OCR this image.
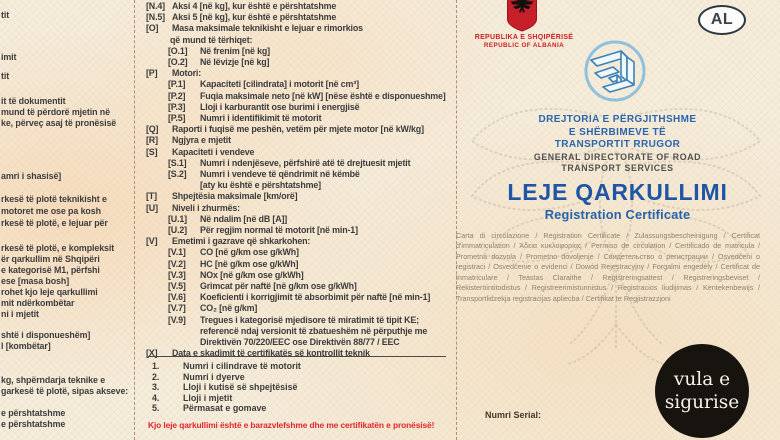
tit
imit
tit
it të dokumentit
mund të përdorë mjetin në
ke, përveç asaj të pronësisë
amri i shasisë]
rkesë të plotë teknikisht e
motoret me ose pa kosh
rkesë të plotë, e lejuar për
rkesë të plotë, e kompleksit
ër qarkullim në Shqipëri
e kategorisë M1, përfshi
ese [masa bosh]
rohet kjo leje qarkullimi
mit ndërkombëtar
ni i mjetit
shtë i disponueshëm]
l [kombëtar]
kg, shpërndarja teknike e
garkesë të plotë, sipas akseve:
e përshtatshme
e përshtatshme
[N.4] Aksi 4 [në kg], kur është e përshtatshme
[N.5] Aksi 5 [në kg], kur është e përshtatshme
[O]	Masa maksimale teknikisht e lejuar e rimorkios
që mund të tërhiqet:
[O.1]	Në frenim [në kg]
[O.2]	Në lëvizje [në kg]
[P]	Motori:
[P.1]	Kapaciteti [cilindrata] i motorit [në cm³]
[P.2]	Fuqia maksimale neto [në kW] [nëse është e disponueshme]
[P.3]	Lloji i karburantit ose burimi i energjisë
[P.5]	Numri i identifikimit të motorit
[Q]	Raporti i fuqisë me peshën, vetëm për mjete motor [në kW/kg]
[R]	Ngjyra e mjetit
[S]	Kapaciteti i vendeve
[S.1]	Numri i ndenjëseve, përfshirë atë të drejtuesit mjetit
[S.2]	Numri i vendeve të qëndrimit në këmbë
[aty ku është e përshtatshme]
[T]	Shpejtësia maksimale [km/orë]
[U]	Niveli i zhurmës:
[U.1]	Në ndalim [në dB [A]]
[U.2]	Për regjim normal të motorit [në min-1]
[V]	Emetimi i gazrave që shkarkohen:
[V.1]	CO [në g/km ose g/kWh]
[V.2]	HC [në g/km ose g/kWh]
[V.3]	NOx [në g/km ose g/kWh]
[V.5]	Grimcat për naftë [në g/km ose g/kWh]
[V.6]	Koeficienti i korrigjimit të absorbimit për naftë [në min-1]
[V.7]	CO₂ [në g/km]
[V.9]	Tregues i kategorisë mjedisore të miratimit të tipit KE;
referencë ndaj versionit të zbatueshëm në përputhje me
Direktivën 70/220/EEC ose Direktivën 88/77 / EEC
[X]	Data e skadimit të certifikatës së kontrollit teknik
1.	Numri i cilindrave të motorit
2.	Numri i dyerve
3.	Lloji i kutisë së shpejtësisë
4.	Lloji i mjetit
5.	Përmasat e gomave
Kjo leje qarkullimi është e barazvlefshme dhe me certifikatën e pronësisë!
REPUBLIKA E SHQIPËRISË
REPUBLIC OF ALBANIA
AL
DREJTORIA E PËRGJITHSHME
E SHËRBIMEVE TË
TRANSPORTIT RRUGOR
GENERAL DIRECTORATE OF ROAD
TRANSPORT SERVICES
LEJE QARKULLIMI
Registration Certificate
Carta di circolazione / Registration Certificate / Zulassungsbescheinigung / Certificat d'immatriculation / Άδεια κυκλοφορίας / Permiso de circulation / Certificado de matricula / Prometna dozvola / Prometno dovoljenje / Свидетельство о регистрации / Osvedčeni o registraci / Osvedčenie o evidenci / Dowód Rejestracyjny / Forgalmi engedély / Certificat de Inmatriculare / Teastas Claraithe / Registreringsattest / Registreringsbeviset / Rekisteröintitodistus / Registreerimistunnistus / Registracios liudijimas / Kentekenbewijs / Transportlidzekja registracijas apliecba / Certifikat te Regjistrazzjoni
Numri Serial:
vula e
sigurise
